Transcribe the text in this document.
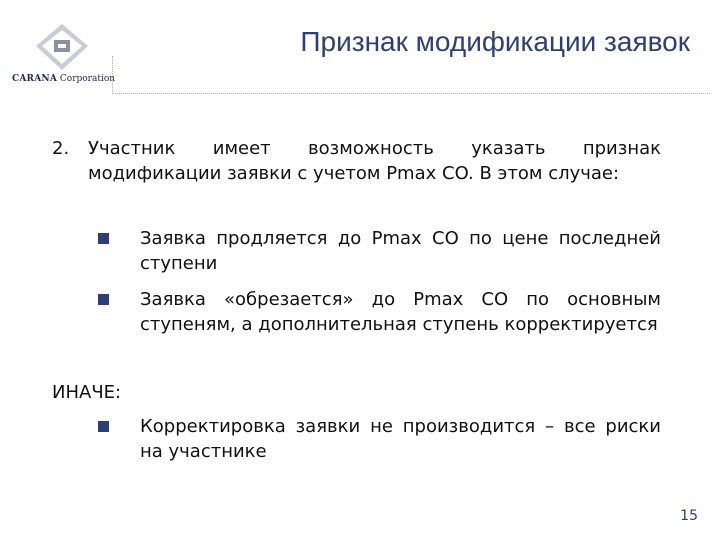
CARANA Corporation
Признак модификации заявок
2. Участник имеет возможность указать признак модификации заявки с учетом Pmax CO. В этом случае:
Заявка продляется до Pmax CO по цене последней ступени
Заявка «обрезается» до Pmax CO по основным ступеням, а дополнительная ступень корректируется
ИНАЧЕ:
Корректировка заявки не производится – все риски на участнике
15
